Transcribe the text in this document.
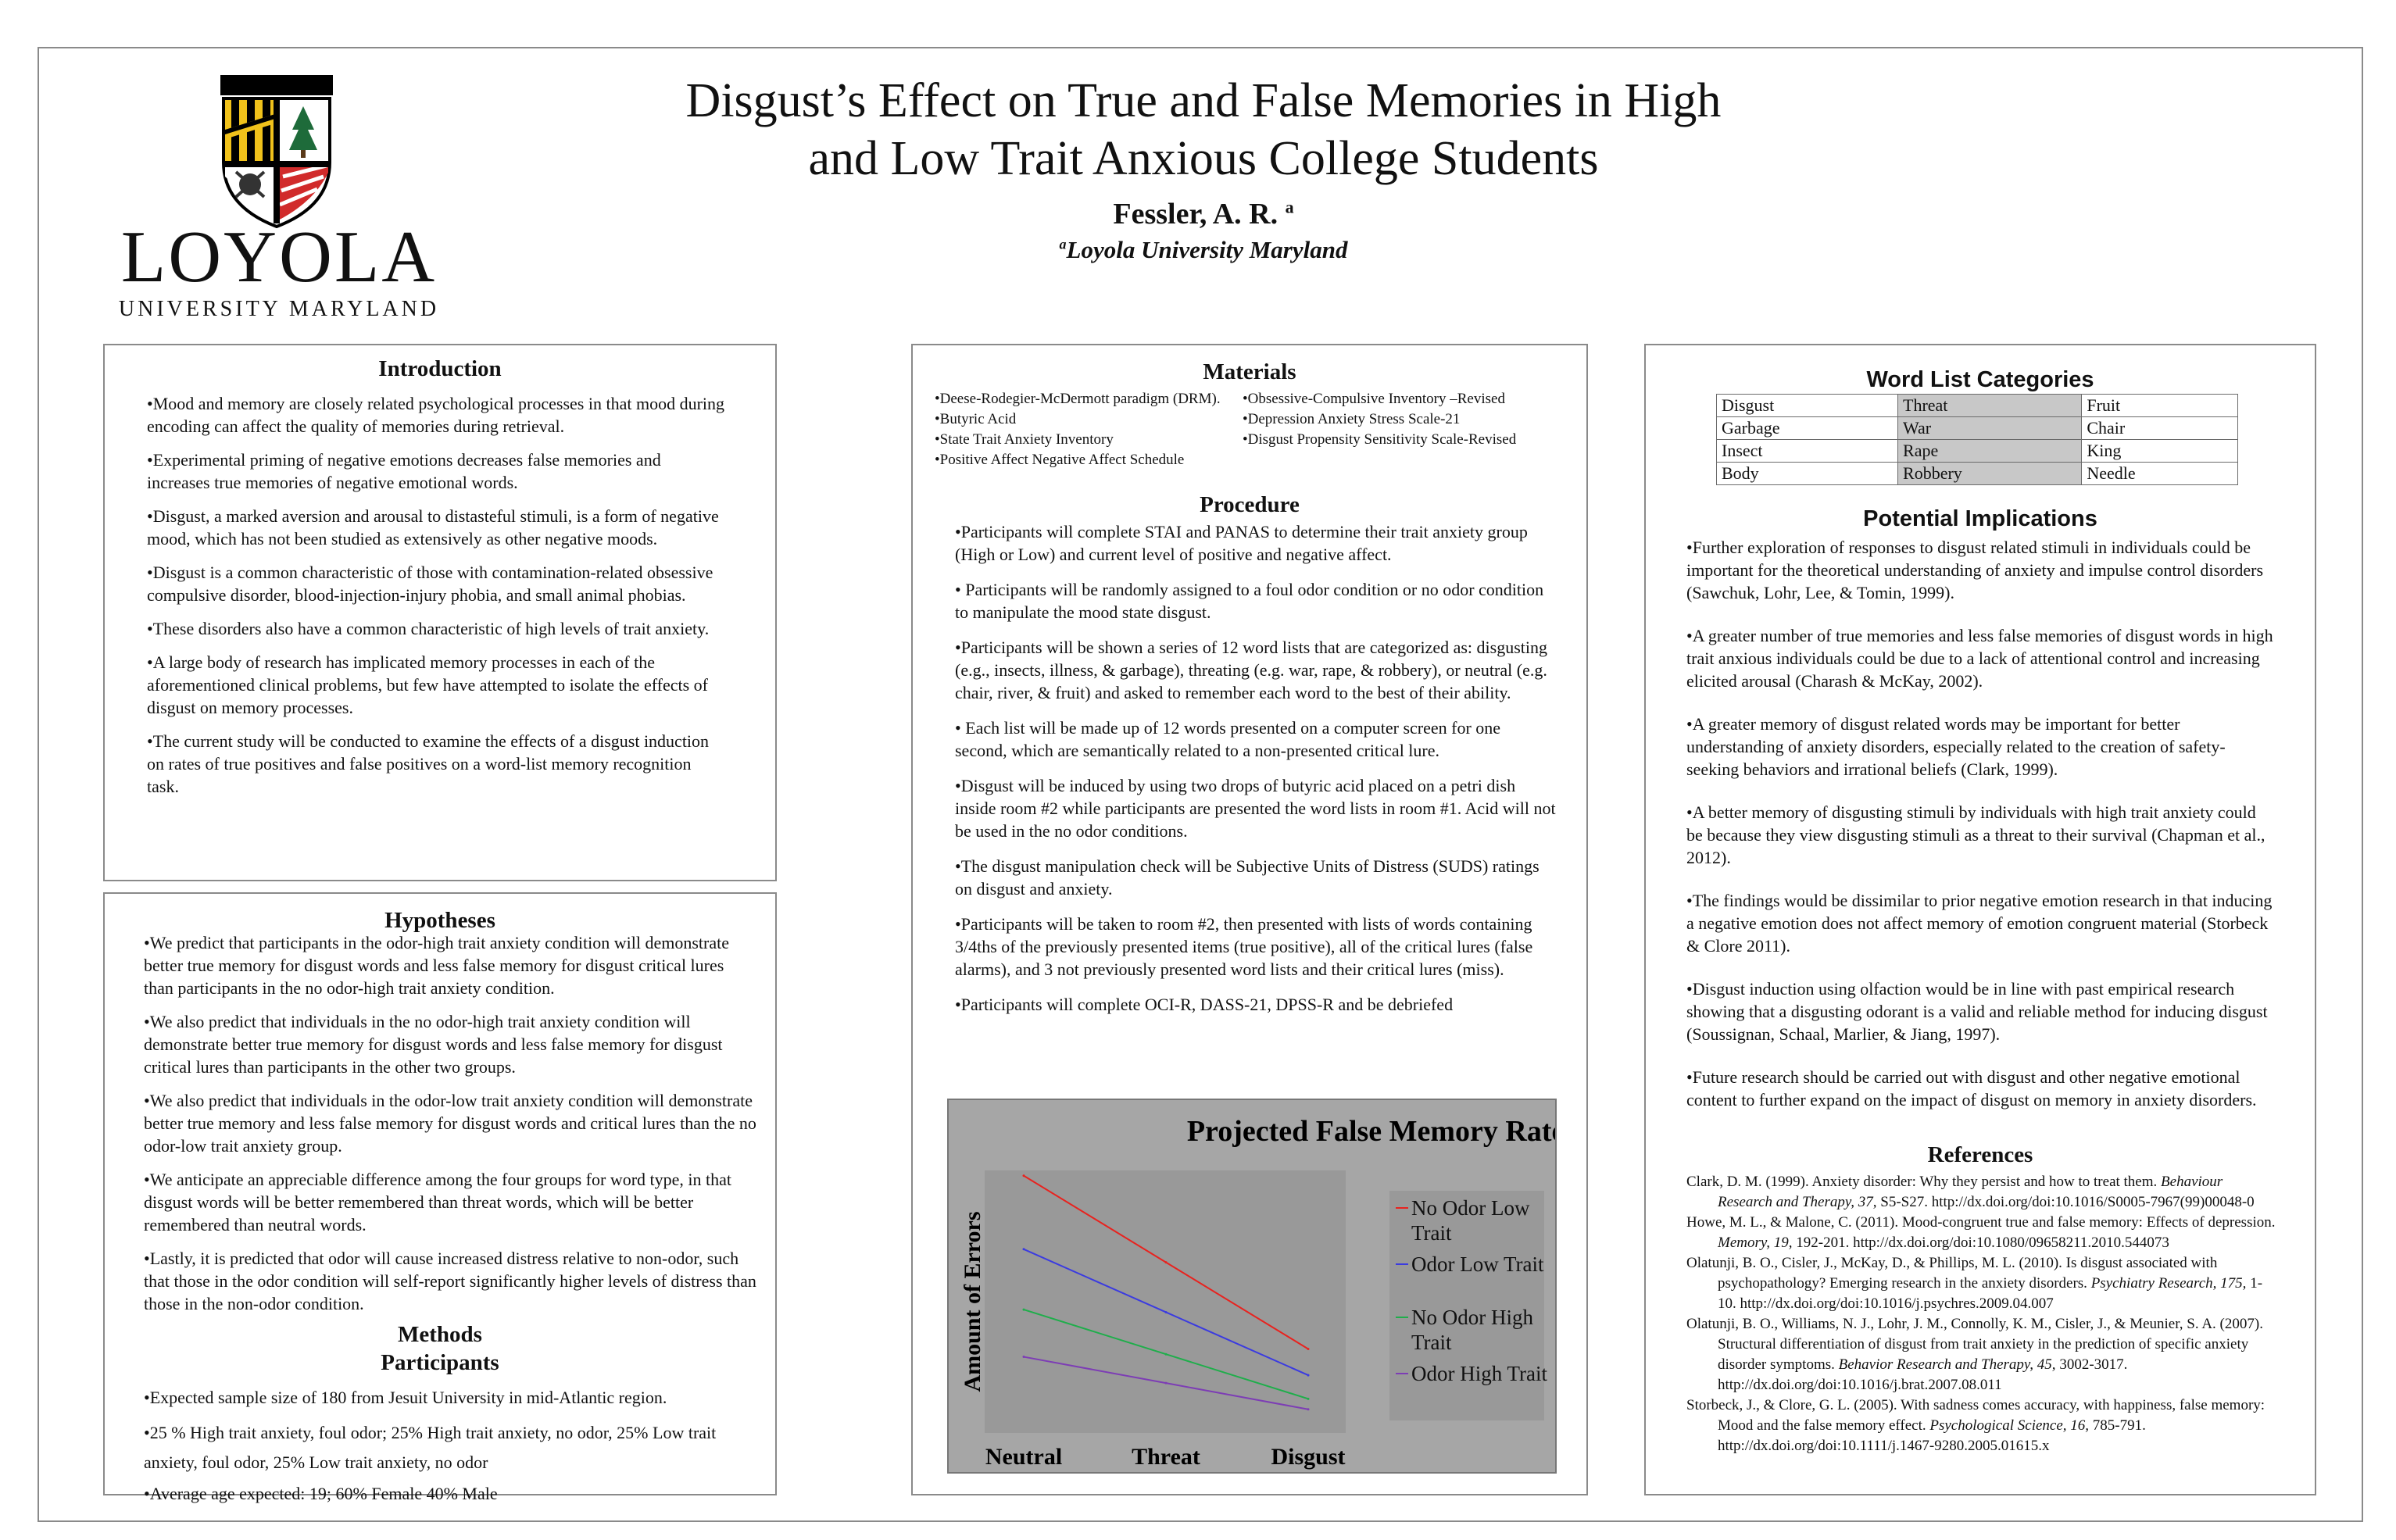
LOYOLA
UNIVERSITY MARYLAND
Disgust’s Effect on True and False Memories in High
and Low Trait Anxious College Students
Fessler, A. R. $^a$
$^a$Loyola University Maryland
Introduction

•Mood and memory are closely related psychological processes in that mood during encoding can affect the quality of memories during retrieval.

•Experimental priming of negative emotions decreases false memories and increases true memories of negative emotional words.

•Disgust, a marked aversion and arousal to distasteful stimuli, is a form of negative mood, which has not been studied as extensively as other negative moods.

•Disgust is a common characteristic of those with contamination-related obsessive compulsive disorder, blood-injection-injury phobia, and small animal phobias.

•These disorders also have a common characteristic of high levels of trait anxiety.

•A large body of research has implicated memory processes in each of the aforementioned clinical problems, but few have attempted to isolate the effects of disgust on memory processes.

•The current study will be conducted to examine the effects of a disgust induction on rates of true positives and false positives on a word-list memory recognition task.

Hypotheses

•We predict that participants in the odor-high trait anxiety condition will demonstrate better true memory for disgust words and less false memory for disgust critical lures than participants in the no odor-high trait anxiety condition.

•We also predict that individuals in the no odor-high trait anxiety condition will demonstrate better true memory for disgust words and less false memory for disgust critical lures than participants in the other two groups.

•We also predict that individuals in the odor-low trait anxiety condition will demonstrate better true memory and less false memory for disgust words and critical lures than the no odor-low trait anxiety group.

•We anticipate an appreciable difference among the four groups for word type, in that disgust words will be better remembered than threat words, which will be better remembered than neutral words.

•Lastly, it is predicted that odor will cause increased distress relative to non-odor, such that those in the odor condition will self-report significantly higher levels of distress than those in the non-odor condition.

Methods
Participants

•Expected sample size of 180 from Jesuit University in mid-Atlantic region.

•25 % High trait anxiety, foul odor; 25% High trait anxiety, no odor, 25% Low trait anxiety, foul odor, 25% Low trait anxiety, no odor

•Average age expected: 19; 60% Female 40% Male

Materials
•Deese-Rodegier-McDermott paradigm (DRM).
•Butyric Acid
•State Trait Anxiety Inventory
•Positive Affect Negative Affect Schedule
•Obsessive-Compulsive Inventory –Revised
•Depression Anxiety Stress Scale-21
•Disgust Propensity Sensitivity Scale-Revised
Procedure

•Participants will complete STAI and PANAS to determine their trait anxiety group (High or Low) and current level of positive and negative affect.

• Participants will be randomly assigned to a foul odor condition or no odor condition to manipulate the mood state disgust.

•Participants will be shown a series of 12 word lists that are categorized as: disgusting (e.g., insects, illness, & garbage), threating (e.g. war, rape, & robbery), or neutral (e.g. chair, river, & fruit) and asked to remember each word to the best of their ability.

• Each list will be made up of 12 words presented on a computer screen for one second, which are semantically related to a non-presented critical lure.

•Disgust will be induced by using two drops of butyric acid placed on a petri dish inside room #2 while participants are presented the word lists in room #1. Acid will not be used in the no odor conditions.

•The disgust manipulation check will be Subjective Units of Distress (SUDS) ratings on disgust and anxiety.

•Participants will be taken to room #2, then presented with lists of words containing 3/4ths of the previously presented items (true positive), all of the critical lures (false alarms), and 3 not previously presented word lists and their critical lures (miss).

•Participants will complete OCI-R, DASS-21, DPSS-R and be debriefed

Projected False Memory Rates
Amount of Errors
Neutral	Threat	Disgust
No Odor Low Trait
Odor Low Trait
No Odor High Trait
Odor High Trait
Word List Categories
Disgust	Threat	Fruit
Garbage	War	Chair
Insect	Rape	King
Body	Robbery	Needle
Potential Implications

•Further exploration of responses to disgust related stimuli in individuals could be important for the theoretical understanding of anxiety and impulse control disorders (Sawchuk, Lohr, Lee, & Tomin, 1999).

•A greater number of true memories and less false memories of disgust words in high trait anxious individuals could be due to a lack of attentional control and increasing elicited arousal (Charash & McKay, 2002).

•A greater memory of disgust related words may be important for better understanding of anxiety disorders, especially related to the creation of safety-seeking behaviors and irrational beliefs (Clark, 1999).

•A better memory of disgusting stimuli by individuals with high trait anxiety could be because they view disgusting stimuli as a threat to their survival (Chapman et al., 2012).

•The findings would be dissimilar to prior negative emotion research in that inducing a negative emotion does not affect memory of emotion congruent material (Storbeck & Clore 2011).

•Disgust induction using olfaction would be in line with past empirical research showing that a disgusting odorant is a valid and reliable method for inducing disgust (Soussignan, Schaal, Marlier, & Jiang, 1997).

•Future research should be carried out with disgust and other negative emotional content to further expand on the impact of disgust on memory in anxiety disorders.

References

Clark, D. M. (1999). Anxiety disorder: Why they persist and how to treat them. Behaviour Research and Therapy, 37, S5-S27. http://dx.doi.org/doi:10.1016/S0005-7967(99)00048-0

Howe, M. L., & Malone, C. (2011). Mood-congruent true and false memory: Effects of depression. Memory, 19, 192-201. http://dx.doi.org/doi:10.1080/09658211.2010.544073

Olatunji, B. O., Cisler, J., McKay, D., & Phillips, M. L. (2010). Is disgust associated with psychopathology? Emerging research in the anxiety disorders. Psychiatry Research, 175, 1-10. http://dx.doi.org/doi:10.1016/j.psychres.2009.04.007

Olatunji, B. O., Williams, N. J., Lohr, J. M., Connolly, K. M., Cisler, J., & Meunier, S. A. (2007). Structural differentiation of disgust from trait anxiety in the prediction of specific anxiety disorder symptoms. Behavior Research and Therapy, 45, 3002-3017. http://dx.doi.org/doi:10.1016/j.brat.2007.08.011

Storbeck, J., & Clore, G. L. (2005). With sadness comes accuracy, with happiness, false memory: Mood and the false memory effect. Psychological Science, 16, 785-791. http://dx.doi.org/doi:10.1111/j.1467-9280.2005.01615.x
